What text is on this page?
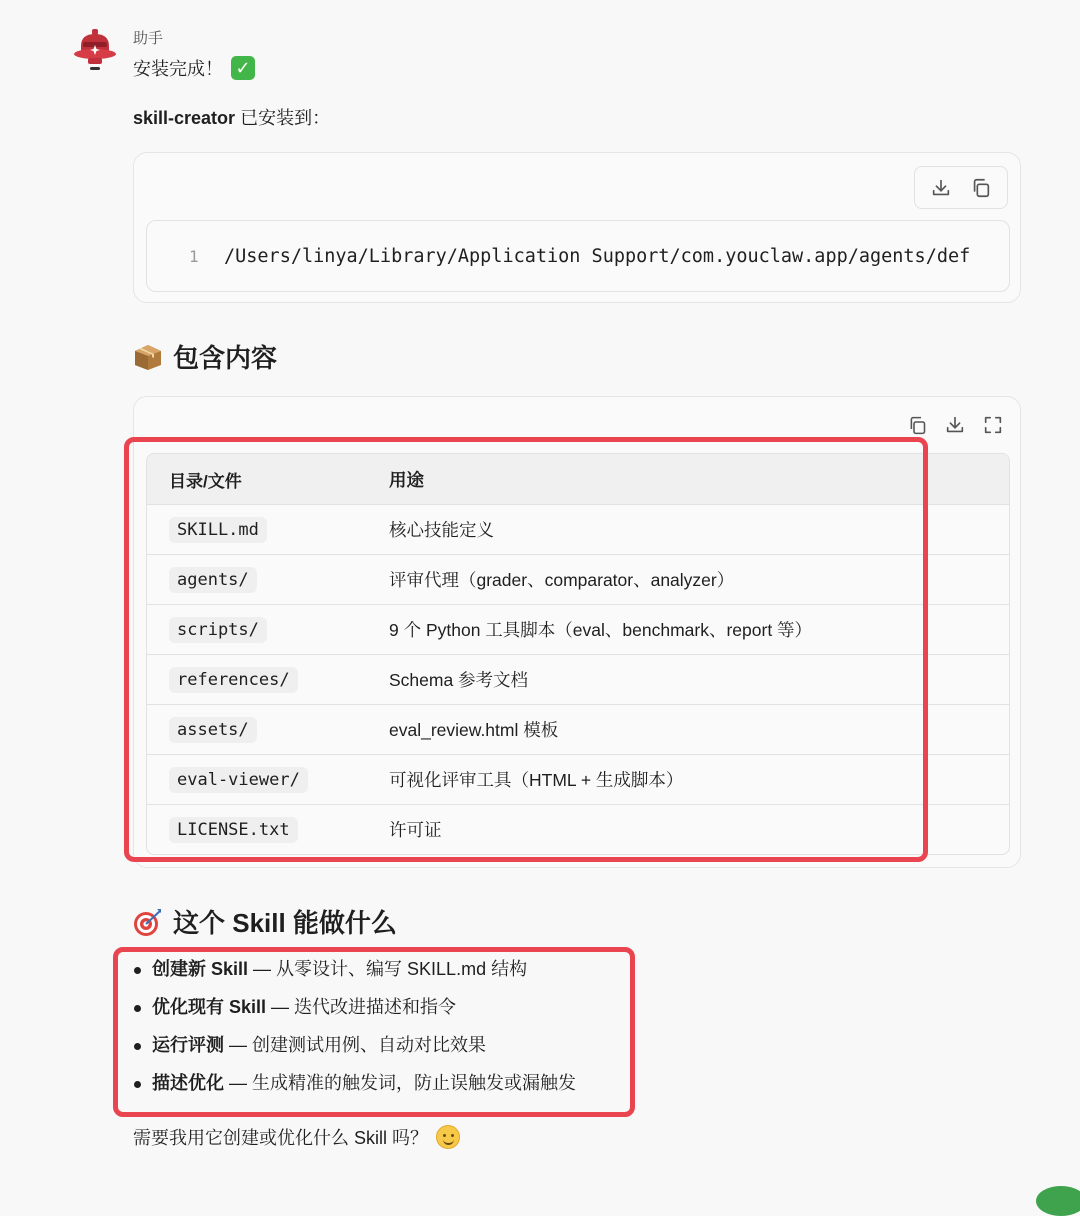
助手
安装完成！ ✓
skill-creator 已安装到：
1	/Users/linya/Library/Application Support/com.youclaw.app/agents/def
包含内容
目录/文件	用途
SKILL.md	核心技能定义
agents/	评审代理（grader、comparator、analyzer）
scripts/	9 个 Python 工具脚本（eval、benchmark、report 等）
references/	Schema 参考文档
assets/	eval_review.html 模板
eval-viewer/	可视化评审工具（HTML + 生成脚本）
LICENSE.txt	许可证
这个 Skill 能做什么
创建新 Skill — 从零设计、编写 SKILL.md 结构
优化现有 Skill — 迭代改进描述和指令
运行评测 — 创建测试用例、自动对比效果
描述优化 — 生成精准的触发词，防止误触发或漏触发
需要我用它创建或优化什么 Skill 吗？
